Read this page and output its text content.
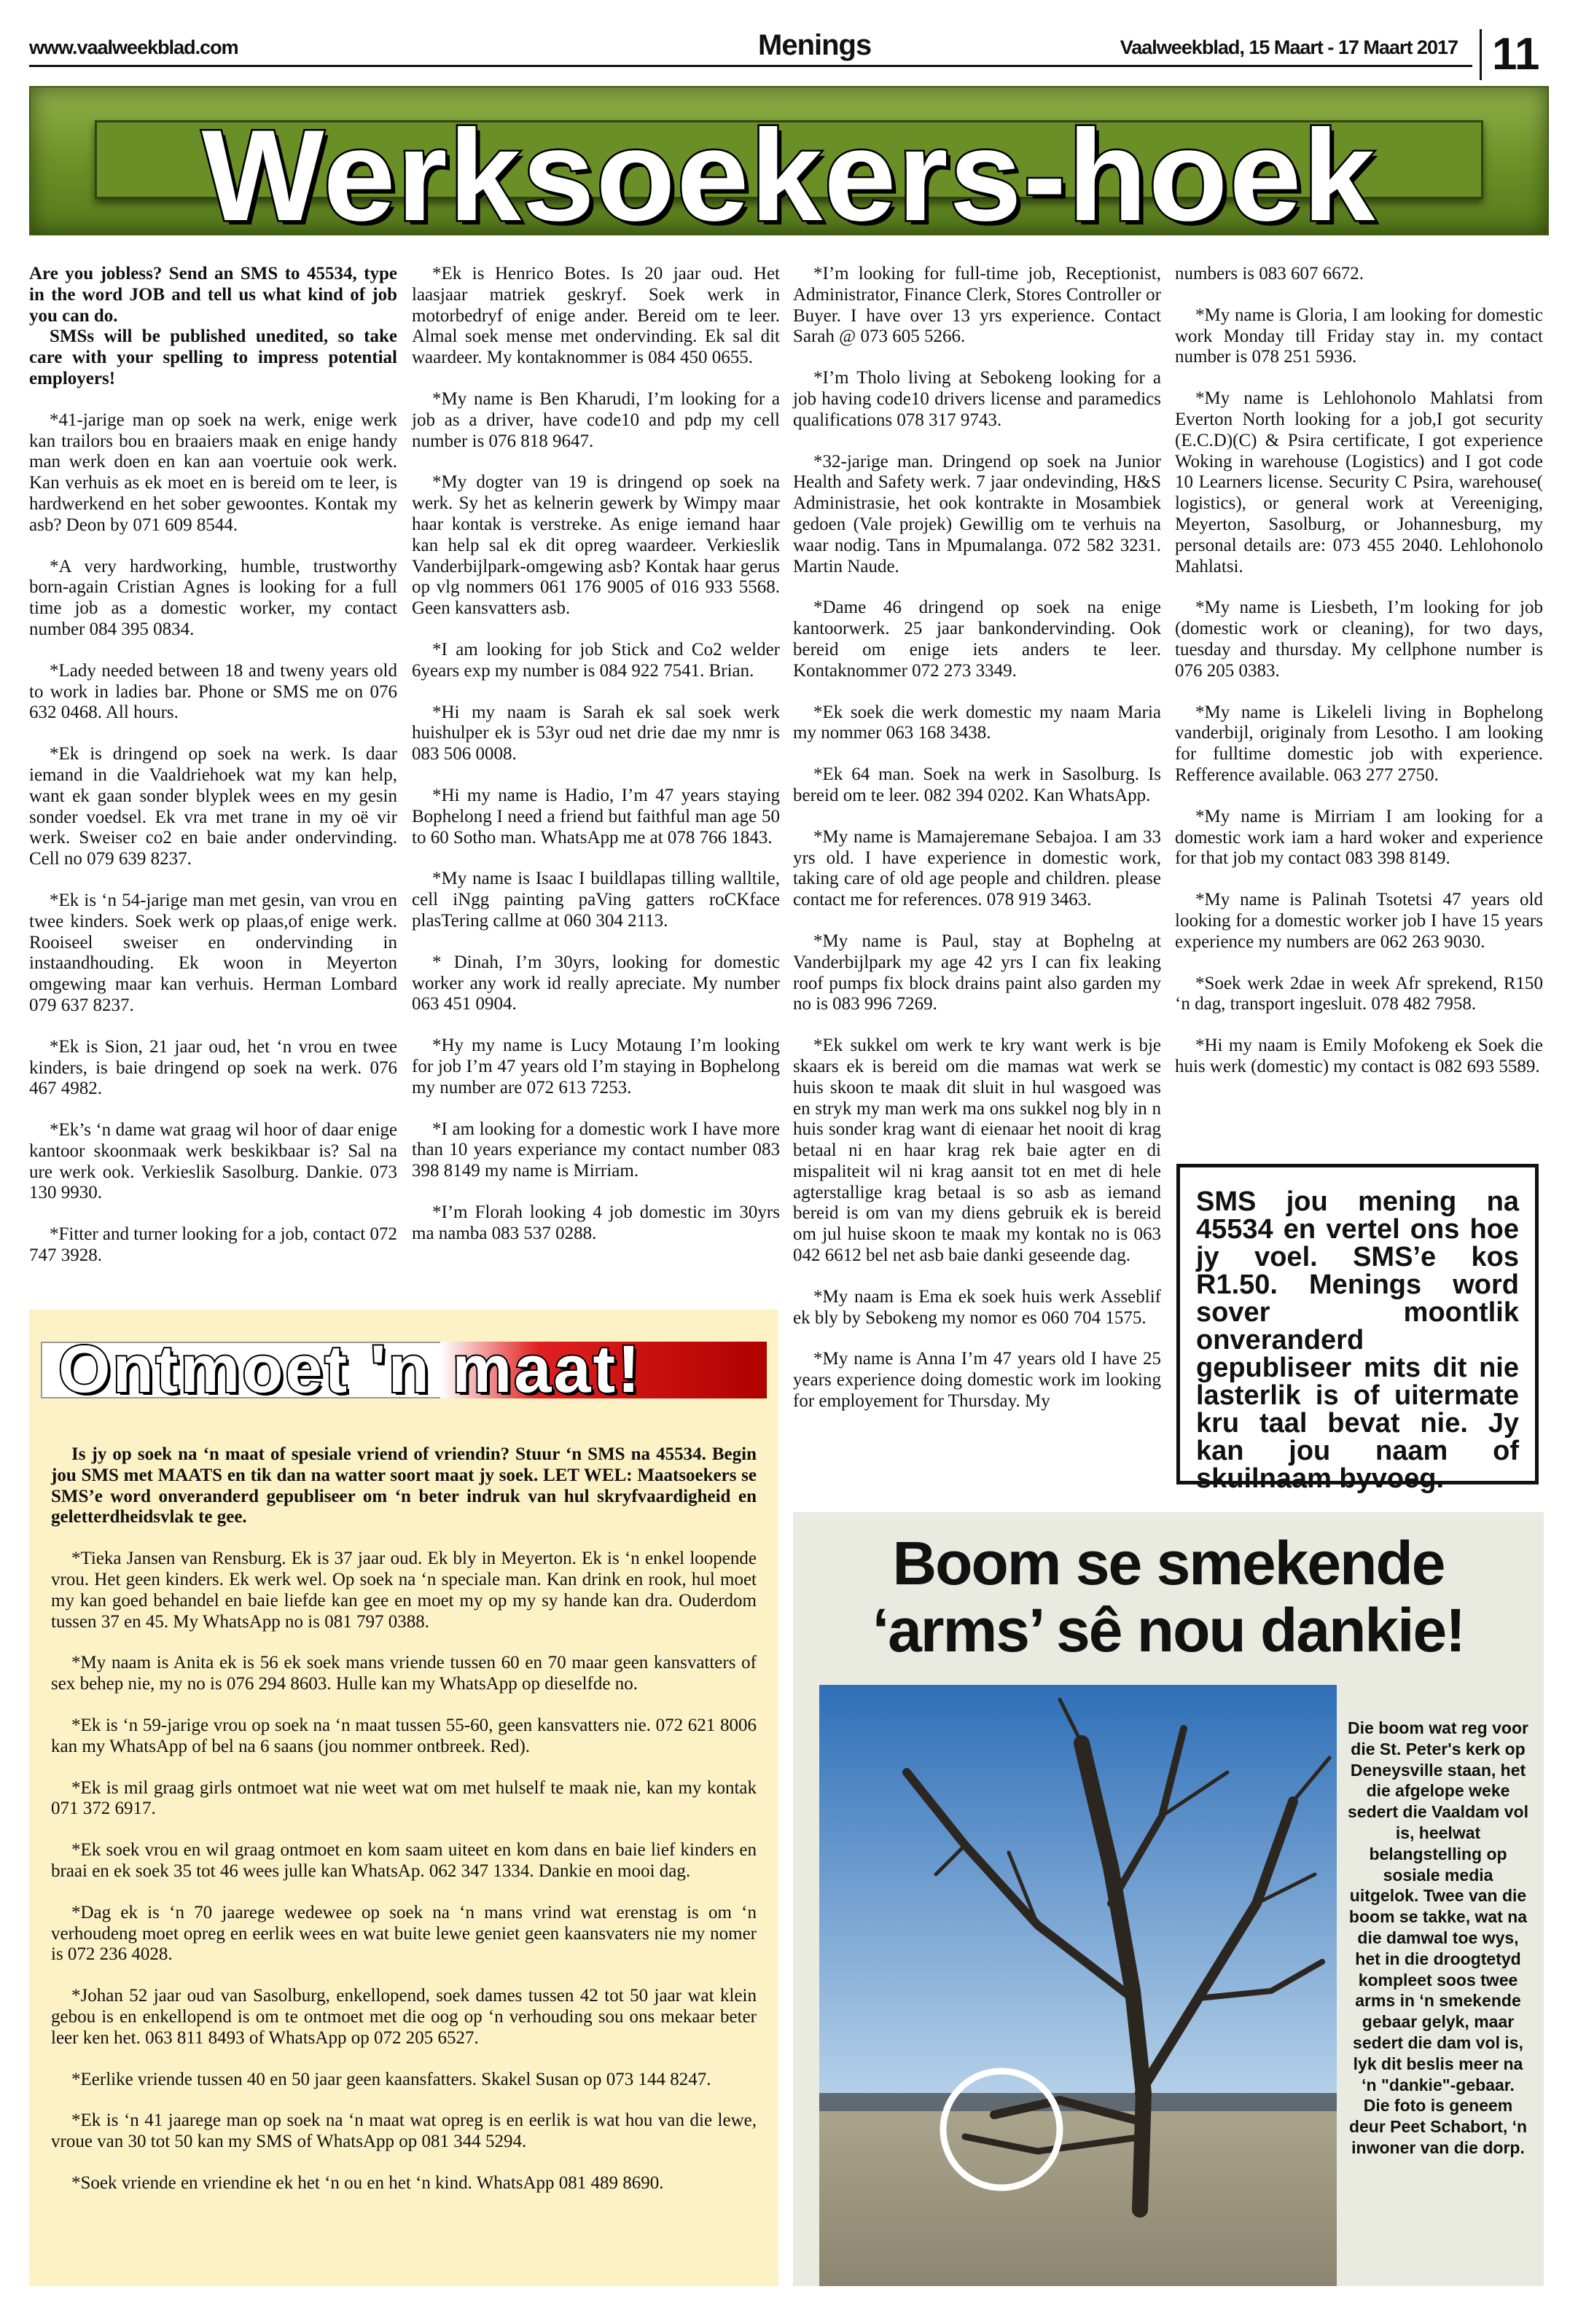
www.vaalweekblad.com	Menings	Vaalweekblad, 15 Maart - 17 Maart 2017 11
Werksoekers-hoek

Are you jobless? Send an SMS to 45534, type in the word JOB and tell us what kind of job you can do.

SMSs will be published unedited, so take care with your spelling to impress potential employers!

*41-jarige man op soek na werk, enige werk kan trailors bou en braaiers maak en enige handy man werk doen en kan aan voertuie ook werk. Kan verhuis as ek moet en is bereid om te leer, is hardwerkend en het sober gewoontes. Kontak my asb? Deon by 071 609 8544.

*A very hardworking, humble, trustworthy born-again Cristian Agnes is looking for a full time job as a domestic worker, my contact number 084 395 0834.

*Lady needed between 18 and tweny years old to work in ladies bar. Phone or SMS me on 076 632 0468. All hours.

*Ek is dringend op soek na werk. Is daar iemand in die Vaaldriehoek wat my kan help, want ek gaan sonder blyplek wees en my gesin sonder voedsel. Ek vra met trane in my oë vir werk. Sweiser co2 en baie ander ondervinding. Cell no 079 639 8237.

*Ek is ‘n 54-jarige man met gesin, van vrou en twee kinders. Soek werk op plaas,of enige werk. Rooiseel sweiser en ondervinding in instaandhouding. Ek woon in Meyerton omgewing maar kan verhuis. Herman Lombard 079 637 8237.

*Ek is Sion, 21 jaar oud, het ‘n vrou en twee kinders, is baie dringend op soek na werk. 076 467 4982.

*Ek’s ‘n dame wat graag wil hoor of daar enige kantoor skoonmaak werk beskikbaar is? Sal na ure werk ook. Verkieslik Sasolburg. Dankie. 073 130 9930.

*Fitter and turner looking for a job, contact 072 747 3928.

*Ek is Henrico Botes. Is 20 jaar oud. Het laasjaar matriek geskryf. Soek werk in motorbedryf of enige ander. Bereid om te leer. Almal soek mense met ondervinding. Ek sal dit waardeer. My kontaknommer is 084 450 0655.

*My name is Ben Kharudi, I’m looking for a job as a driver, have code10 and pdp my cell number is 076 818 9647.

*My dogter van 19 is dringend op soek na werk. Sy het as kelnerin gewerk by Wimpy maar haar kontak is verstreke. As enige iemand haar kan help sal ek dit opreg waardeer. Verkieslik Vanderbijlpark-omgewing asb? Kontak haar gerus op vlg nommers 061 176 9005 of 016 933 5568. Geen kansvatters asb.

*I am looking for job Stick and Co2 welder 6years exp my number is 084 922 7541. Brian.

*Hi my naam is Sarah ek sal soek werk huishulper ek is 53yr oud net drie dae my nmr is 083 506 0008.

*Hi my name is Hadio, I’m 47 years staying Bophelong I need a friend but faithful man age 50 to 60 Sotho man. WhatsApp me at 078 766 1843.

*My name is Isaac I buildlapas tilling walltile, cell iNgg painting paVing gatters roCKface plasTering callme at 060 304 2113.

* Dinah, I’m 30yrs, looking for domestic worker any work id really apreciate. My number 063 451 0904.

*Hy my name is Lucy Motaung I’m looking for job I’m 47 years old I’m staying in Bophelong my number are 072 613 7253.

*I am looking for a domestic work I have more than 10 years experiance my contact number 083 398 8149 my name is Mirriam.

*I’m Florah looking 4 job domestic im 30yrs ma namba 083 537 0288.

*I’m looking for full-time job, Receptionist, Administrator, Finance Clerk, Stores Controller or Buyer. I have over 13 yrs experience. Contact Sarah @ 073 605 5266.

*I’m Tholo living at Sebokeng looking for a job having code10 drivers license and paramedics qualifications 078 317 9743.

*32-jarige man. Dringend op soek na Junior Health and Safety werk. 7 jaar ondevinding, H&S Administrasie, het ook kontrakte in Mosambiek gedoen (Vale projek) Gewillig om te verhuis na waar nodig. Tans in Mpumalanga. 072 582 3231. Martin Naude.

*Dame 46 dringend op soek na enige kantoorwerk. 25 jaar bankondervinding. Ook bereid om enige iets anders te leer. Kontaknommer 072 273 3349.

*Ek soek die werk domestic my naam Maria my nommer 063 168 3438.

*Ek 64 man. Soek na werk in Sasolburg. Is bereid om te leer. 082 394 0202. Kan WhatsApp.

*My name is Mamajeremane Sebajoa. I am 33 yrs old. I have experience in domestic work, taking care of old age people and children. please contact me for references. 078 919 3463.

*My name is Paul, stay at Bophelng at Vanderbijlpark my age 42 yrs I can fix leaking roof pumps fix block drains paint also garden my no is 083 996 7269.

*Ek sukkel om werk te kry want werk is bje skaars ek is bereid om die mamas wat werk se huis skoon te maak dit sluit in hul wasgoed was en stryk my man werk ma ons sukkel nog bly in n huis sonder krag want di eienaar het nooit di krag betaal ni en haar krag rek baie agter en di mispaliteit wil ni krag aansit tot en met di hele agterstallige krag betaal is so asb as iemand bereid is om van my diens gebruik ek is bereid om jul huise skoon te maak my kontak no is 063 042 6612 bel net asb baie danki geseende dag.

*My naam is Ema ek soek huis werk Asseblif ek bly by Sebokeng my nomor es 060 704 1575.

*My name is Anna I’m 47 years old I have 25 years experience doing domestic work im looking for employement for Thursday. My

numbers is 083 607 6672.

*My name is Gloria, I am looking for domestic work Monday till Friday stay in. my contact number is 078 251 5936.

*My name is Lehlohonolo Mahlatsi from Everton North looking for a job,I got security (E.C.D)(C) & Psira certificate, I got experience Woking in warehouse (Logistics) and I got code 10 Learners license. Security C Psira, warehouse( logistics), or general work at Vereeniging, Meyerton, Sasolburg, or Johannesburg, my personal details are: 073 455 2040. Lehlohonolo Mahlatsi.

*My name is Liesbeth, I’m looking for job (domestic work or cleaning), for two days, tuesday and thursday. My cellphone number is 076 205 0383.

*My name is Likeleli living in Bophelong vanderbijl, originaly from Lesotho. I am looking for fulltime domestic job with experience. Refference available. 063 277 2750.

*My name is Mirriam I am looking for a domestic work iam a hard woker and experience for that job my contact 083 398 8149.

*My name is Palinah Tsotetsi 47 years old looking for a domestic worker job I have 15 years experience my numbers are 062 263 9030.

*Soek werk 2dae in week Afr sprekend, R150 ‘n dag, transport ingesluit. 078 482 7958.

*Hi my naam is Emily Mofokeng ek Soek die huis werk (domestic) my contact is 082 693 5589.

SMS jou mening na 45534 en vertel ons hoe jy voel. SMS’e kos R1.50. Menings word sover moontlik onveranderd gepubliseer mits dit nie lasterlik is of uitermate kru taal bevat nie. Jy kan jou naam of skuilnaam byvoeg.
Ontmoet 'n maat!

Is jy op soek na ‘n maat of spesiale vriend of vriendin? Stuur ‘n SMS na 45534. Begin jou SMS met MAATS en tik dan na watter soort maat jy soek. LET WEL: Maatsoekers se SMS’e word onveranderd gepubliseer om ‘n beter indruk van hul skryfvaardigheid en geletterdheidsvlak te gee.

*Tieka Jansen van Rensburg. Ek is 37 jaar oud. Ek bly in Meyerton. Ek is ‘n enkel loopende vrou. Het geen kinders. Ek werk wel. Op soek na ‘n speciale man. Kan drink en rook, hul moet my kan goed behandel en baie liefde kan gee en moet my op my sy hande kan dra. Ouderdom tussen 37 en 45. My WhatsApp no is 081 797 0388.

*My naam is Anita ek is 56 ek soek mans vriende tussen 60 en 70 maar geen kansvatters of sex behep nie, my no is 076 294 8603. Hulle kan my WhatsApp op dieselfde no.

*Ek is ‘n 59-jarige vrou op soek na ‘n maat tussen 55-60, geen kansvatters nie. 072 621 8006 kan my WhatsApp of bel na 6 saans (jou nommer ontbreek. Red).

*Ek is mil graag girls ontmoet wat nie weet wat om met hulself te maak nie, kan my kontak 071 372 6917.

*Ek soek vrou en wil graag ontmoet en kom saam uiteet en kom dans en baie lief kinders en braai en ek soek 35 tot 46 wees julle kan WhatsAp. 062 347 1334. Dankie en mooi dag.

*Dag ek is ‘n 70 jaarege wedewee op soek na ‘n mans vrind wat erenstag is om ‘n verhoudeng moet opreg en eerlik wees en wat buite lewe geniet geen kaansvaters nie my nomer is 072 236 4028.

*Johan 52 jaar oud van Sasolburg, enkellopend, soek dames tussen 42 tot 50 jaar wat klein gebou is en enkellopend is om te ontmoet met die oog op ‘n verhouding sou ons mekaar beter leer ken het. 063 811 8493 of WhatsApp op 072 205 6527.

*Eerlike vriende tussen 40 en 50 jaar geen kaansfatters. Skakel Susan op 073 144 8247.

*Ek is ‘n 41 jaarege man op soek na ‘n maat wat opreg is en eerlik is wat hou van die lewe, vroue van 30 tot 50 kan my SMS of WhatsApp op 081 344 5294.

*Soek vriende en vriendine ek het ‘n ou en het ‘n kind. WhatsApp 081 489 8690.

Boom se smekende
‘arms’ sê nou dankie!
Die boom wat reg voor die St. Peter's kerk op Deneysville staan, het die afgelope weke sedert die Vaaldam vol is, heelwat belangstelling op sosiale media uitgelok. Twee van die boom se takke, wat na die damwal toe wys, het in die droogtetyd kompleet soos twee arms in ‘n smekende gebaar gelyk, maar sedert die dam vol is, lyk dit beslis meer na ‘n "dankie"-gebaar. Die foto is geneem deur Peet Schabort, ‘n inwoner van die dorp.
